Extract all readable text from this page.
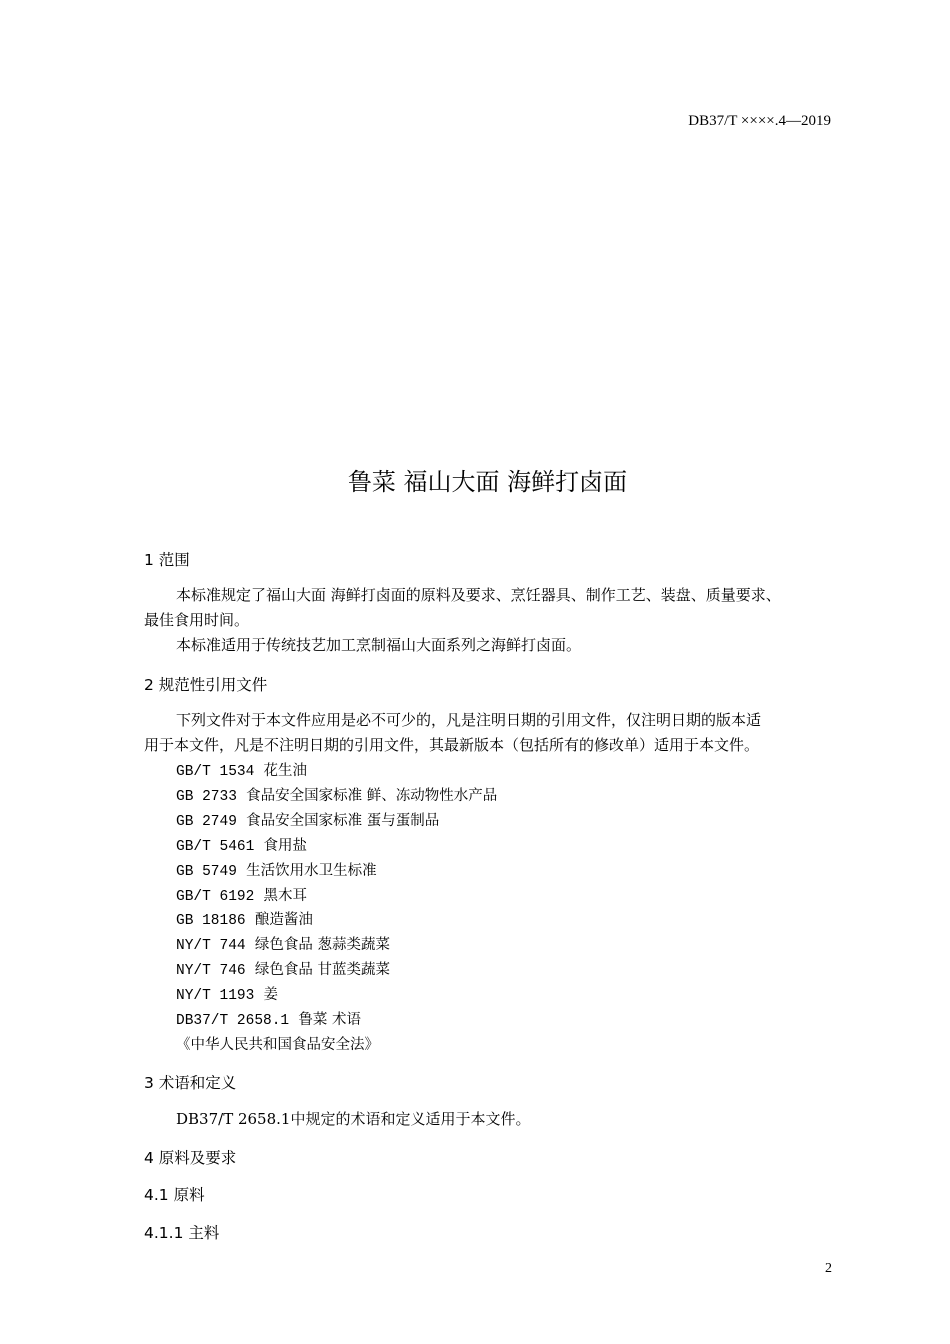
DB37/T ××××.4—2019
鲁菜 福山大面 海鲜打卤面
1 范围
本标准规定了福山大面 海鲜打卤面的原料及要求、烹饪器具、制作工艺、装盘、质量要求、
最佳食用时间。
本标准适用于传统技艺加工烹制福山大面系列之海鲜打卤面。
2 规范性引用文件
下列文件对于本文件应用是必不可少的，凡是注明日期的引用文件，仅注明日期的版本适
用于本文件，凡是不注明日期的引用文件，其最新版本（包括所有的修改单）适用于本文件。
GB/T 1534 花生油
GB 2733 食品安全国家标准 鲜、冻动物性水产品
GB 2749 食品安全国家标准 蛋与蛋制品
GB/T 5461 食用盐
GB 5749 生活饮用水卫生标准
GB/T 6192 黑木耳
GB 18186 酿造酱油
NY/T 744 绿色食品 葱蒜类蔬菜
NY/T 746 绿色食品 甘蓝类蔬菜
NY/T 1193 姜
DB37/T 2658.1 鲁菜 术语
《中华人民共和国食品安全法》
3 术语和定义
DB37/T 2658.1中规定的术语和定义适用于本文件。
4 原料及要求
4.1 原料
4.1.1 主料
2
